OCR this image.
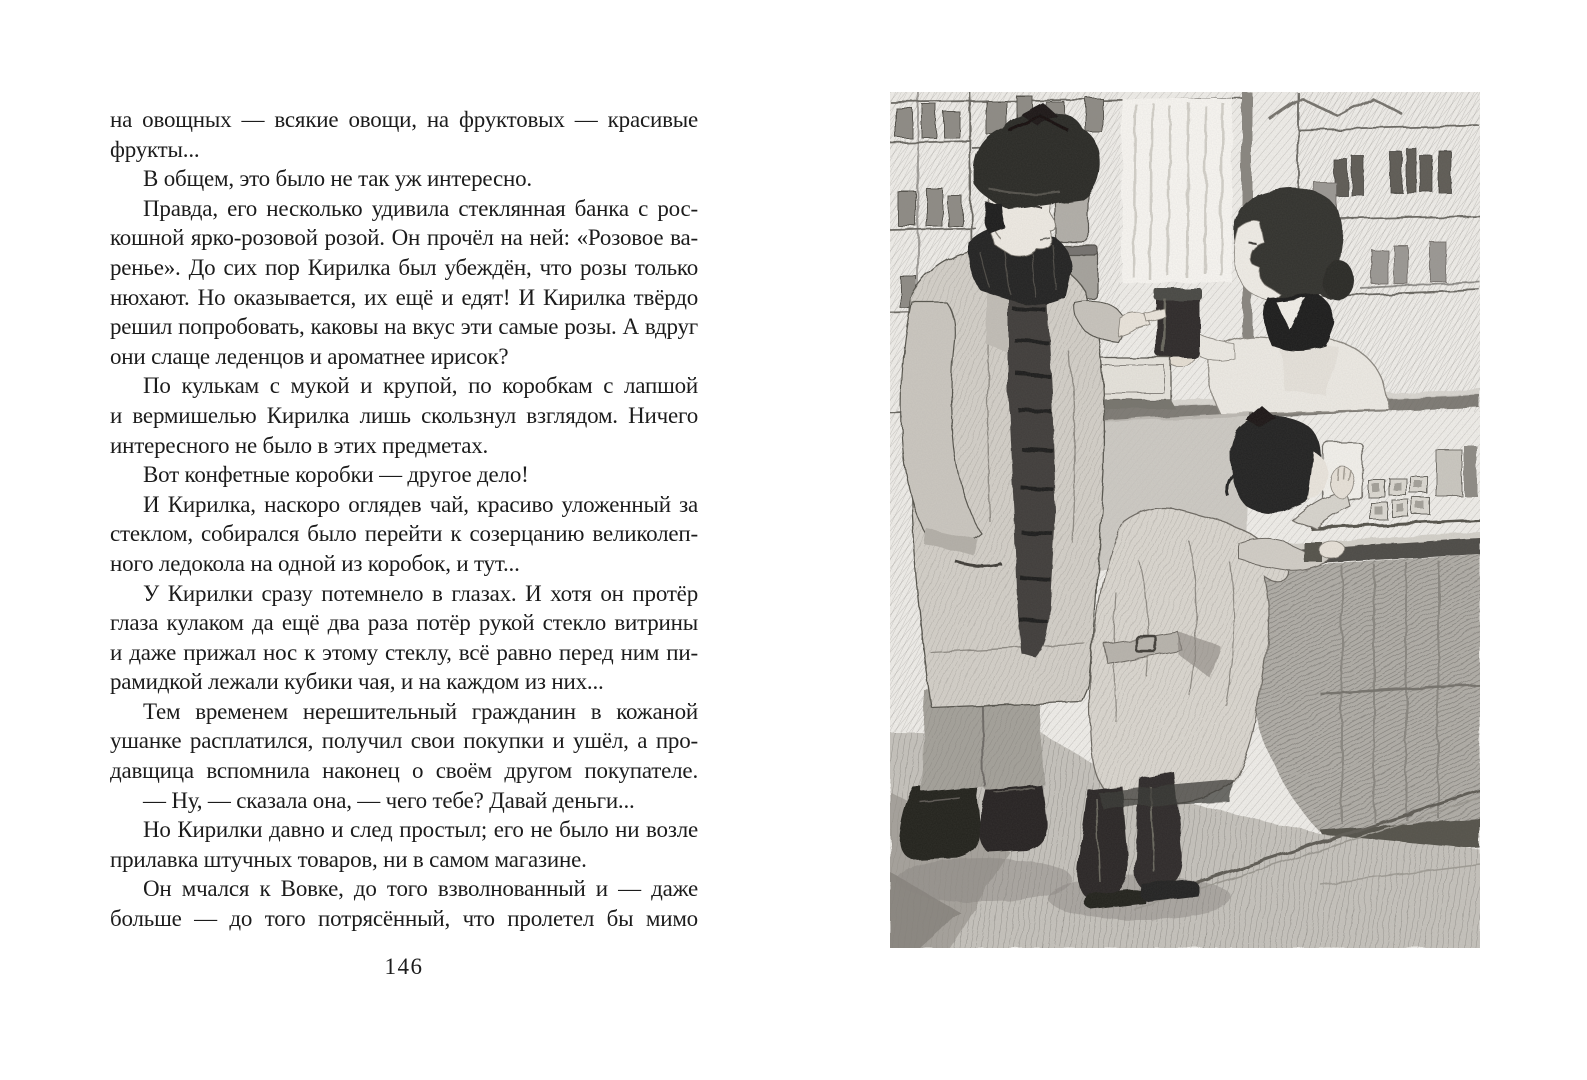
на овощных — всякие овощи, на фруктовых — красивые
фрукты...
В общем, это было не так уж интересно.
Правда, его несколько удивила стеклянная банка с рос-
кошной ярко-розовой розой. Он прочёл на ней: «Розовое ва-
ренье». До сих пор Кирилка был убеждён, что розы только
нюхают. Но оказывается, их ещё и едят! И Кирилка твёрдо
решил попробовать, каковы на вкус эти самые розы. А вдруг
они слаще леденцов и ароматнее ирисок?
По кулькам с мукой и крупой, по коробкам с лапшой
и вермишелью Кирилка лишь скользнул взглядом. Ничего
интересного не было в этих предметах.
Вот конфетные коробки — другое дело!
И Кирилка, наскоро оглядев чай, красиво уложенный за
стеклом, собирался было перейти к созерцанию великолеп-
ного ледокола на одной из коробок, и тут...
У Кирилки сразу потемнело в глазах. И хотя он протёр
глаза кулаком да ещё два раза потёр рукой стекло витрины
и даже прижал нос к этому стеклу, всё равно перед ним пи-
рамидкой лежали кубики чая, и на каждом из них...
Тем временем нерешительный гражданин в кожаной
ушанке расплатился, получил свои покупки и ушёл, а про-
давщица вспомнила наконец о своём другом покупателе.
— Ну, — сказала она, — чего тебе? Давай деньги...
Но Кирилки давно и след простыл; его не было ни возле
прилавка штучных товаров, ни в самом магазине.
Он мчался к Вовке, до того взволнованный и — даже
больше — до того потрясённый, что пролетел бы мимо
146
